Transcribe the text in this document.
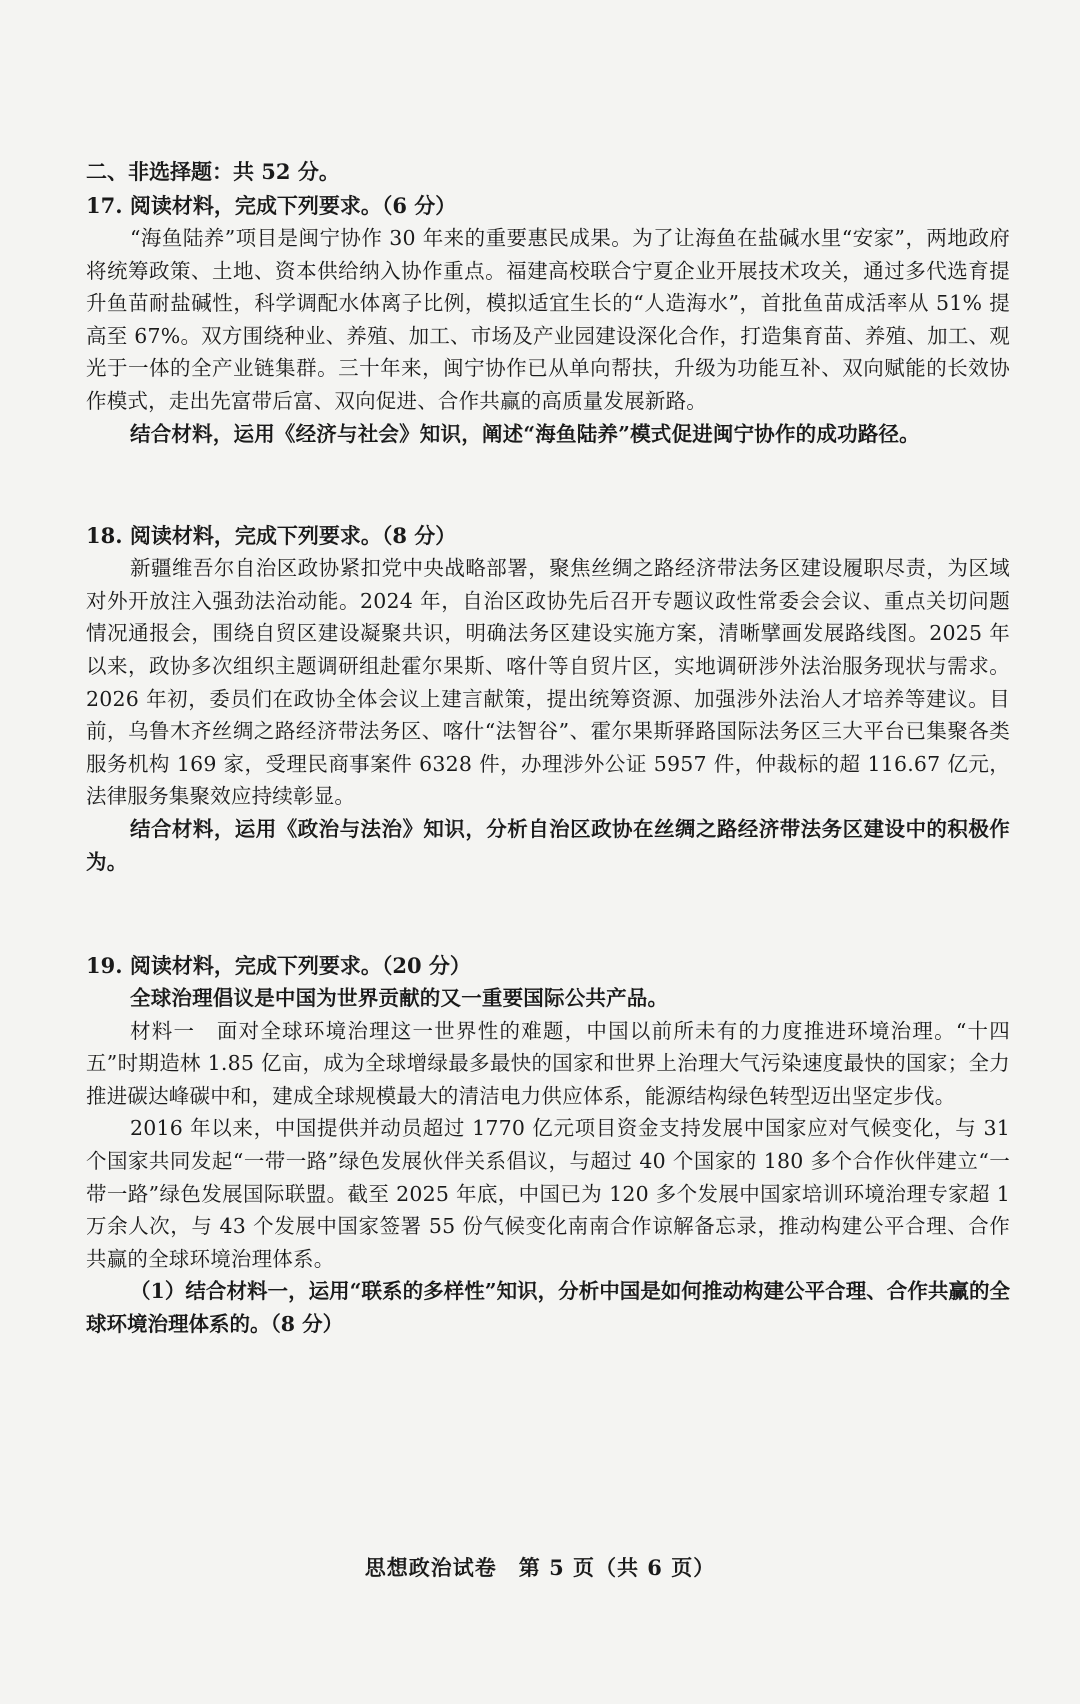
二、非选择题：共 52 分。
17. 阅读材料，完成下列要求。（6 分）

“海鱼陆养”项目是闽宁协作 30 年来的重要惠民成果。为了让海鱼在盐碱水里“安家”，两地政府将统筹政策、土地、资本供给纳入协作重点。福建高校联合宁夏企业开展技术攻关，通过多代选育提升鱼苗耐盐碱性，科学调配水体离子比例，模拟适宜生长的“人造海水”，首批鱼苗成活率从 51% 提高至 67%。双方围绕种业、养殖、加工、市场及产业园建设深化合作，打造集育苗、养殖、加工、观光于一体的全产业链集群。三十年来，闽宁协作已从单向帮扶，升级为功能互补、双向赋能的长效协作模式，走出先富带后富、双向促进、合作共赢的高质量发展新路。

结合材料，运用《经济与社会》知识，阐述“海鱼陆养”模式促进闽宁协作的成功路径。

18. 阅读材料，完成下列要求。（8 分）

新疆维吾尔自治区政协紧扣党中央战略部署，聚焦丝绸之路经济带法务区建设履职尽责，为区域对外开放注入强劲法治动能。2024 年，自治区政协先后召开专题议政性常委会会议、重点关切问题情况通报会，围绕自贸区建设凝聚共识，明确法务区建设实施方案，清晰擘画发展路线图。2025 年以来，政协多次组织主题调研组赴霍尔果斯、喀什等自贸片区，实地调研涉外法治服务现状与需求。2026 年初，委员们在政协全体会议上建言献策，提出统筹资源、加强涉外法治人才培养等建议。目前，乌鲁木齐丝绸之路经济带法务区、喀什“法智谷”、霍尔果斯驿路国际法务区三大平台已集聚各类服务机构 169 家，受理民商事案件 6328 件，办理涉外公证 5957 件，仲裁标的超 116.67 亿元，法律服务集聚效应持续彰显。

结合材料，运用《政治与法治》知识，分析自治区政协在丝绸之路经济带法务区建设中的积极作为。

19. 阅读材料，完成下列要求。（20 分）

全球治理倡议是中国为世界贡献的又一重要国际公共产品。

材料一　面对全球环境治理这一世界性的难题，中国以前所未有的力度推进环境治理。“十四五”时期造林 1.85 亿亩，成为全球增绿最多最快的国家和世界上治理大气污染速度最快的国家；全力推进碳达峰碳中和，建成全球规模最大的清洁电力供应体系，能源结构绿色转型迈出坚定步伐。

2016 年以来，中国提供并动员超过 1770 亿元项目资金支持发展中国家应对气候变化，与 31 个国家共同发起“一带一路”绿色发展伙伴关系倡议，与超过 40 个国家的 180 多个合作伙伴建立“一带一路”绿色发展国际联盟。截至 2025 年底，中国已为 120 多个发展中国家培训环境治理专家超 1 万余人次，与 43 个发展中国家签署 55 份气候变化南南合作谅解备忘录，推动构建公平合理、合作共赢的全球环境治理体系。

（1）结合材料一，运用“联系的多样性”知识，分析中国是如何推动构建公平合理、合作共赢的全球环境治理体系的。（8 分）

思想政治试卷　第 5 页（共 6 页）
